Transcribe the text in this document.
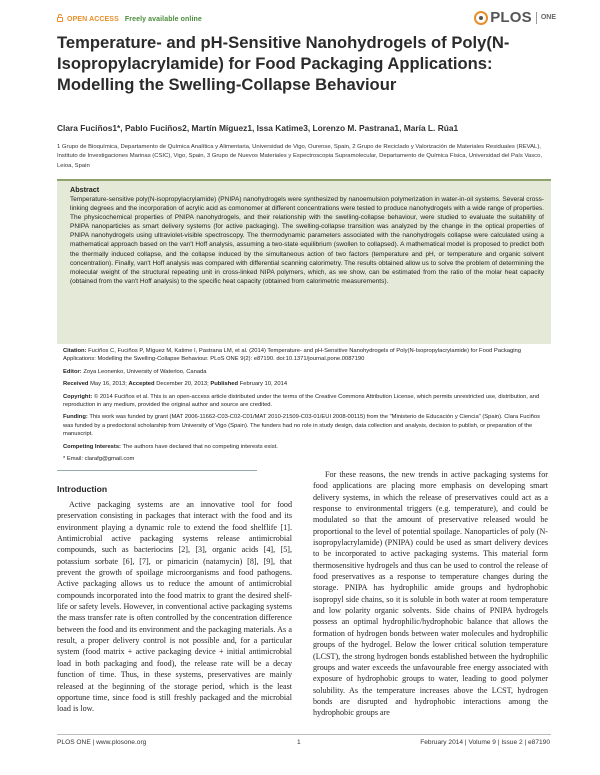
OPEN ACCESS Freely available online	PLOS ONE
Temperature- and pH-Sensitive Nanohydrogels of Poly(N-Isopropylacrylamide) for Food Packaging Applications: Modelling the Swelling-Collapse Behaviour
Clara Fuciños1*, Pablo Fuciños2, Martín Míguez1, Issa Katime3, Lorenzo M. Pastrana1, María L. Rúa1
1 Grupo de Bioquímica, Departamento de Química Analítica y Alimentaria, Universidad de Vigo, Ourense, Spain, 2 Grupo de Reciclado y Valorización de Materiales Residuales (REVAL), Instituto de Investigaciones Marinas (CSIC), Vigo, Spain, 3 Grupo de Nuevos Materiales y Espectroscopia Supramolecular, Departamento de Química Física, Universidad del País Vasco, Leioa, Spain
Abstract

Temperature-sensitive poly(N-isopropylacrylamide) (PNIPA) nanohydrogels were synthesized by nanoemulsion polymerization in water-in-oil systems. Several cross-linking degrees and the incorporation of acrylic acid as comonomer at different concentrations were tested to produce nanohydrogels with a wide range of properties. The physicochemical properties of PNIPA nanohydrogels, and their relationship with the swelling-collapse behaviour, were studied to evaluate the suitability of PNIPA nanoparticles as smart delivery systems (for active packaging). The swelling-collapse transition was analyzed by the change in the optical properties of PNIPA nanohydrogels using ultraviolet-visible spectroscopy. The thermodynamic parameters associated with the nanohydrogels collapse were calculated using a mathematical approach based on the van't Hoff analysis, assuming a two-state equilibrium (swollen to collapsed). A mathematical model is proposed to predict both the thermally induced collapse, and the collapse induced by the simultaneous action of two factors (temperature and pH, or temperature and organic solvent concentration). Finally, van't Hoff analysis was compared with differential scanning calorimetry. The results obtained allow us to solve the problem of determining the molecular weight of the structural repeating unit in cross-linked NIPA polymers, which, as we show, can be estimated from the ratio of the molar heat capacity (obtained from the van't Hoff analysis) to the specific heat capacity (obtained from calorimetric measurements).

Citation: Fuciños C, Fuciños P, Míguez M, Katime I, Pastrana LM, et al. (2014) Temperature- and pH-Sensitive Nanohydrogels of Poly(N-Isopropylacrylamide) for Food Packaging Applications: Modelling the Swelling-Collapse Behaviour. PLoS ONE 9(2): e87190. doi:10.1371/journal.pone.0087190

Editor: Zoya Leonenko, University of Waterloo, Canada

Received May 16, 2013; Accepted December 20, 2013; Published February 10, 2014

Copyright: © 2014 Fuciños et al. This is an open-access article distributed under the terms of the Creative Commons Attribution License, which permits unrestricted use, distribution, and reproduction in any medium, provided the original author and source are credited.

Funding: This work was funded by grant (MAT 2006-11662-C03-C02-C01/MAT 2010-21509-C03-01/EUI 2008-00115) from the "Ministerio de Educación y Ciencia" (Spain). Clara Fuciños was funded by a predoctoral scholarship from University of Vigo (Spain). The funders had no role in study design, data collection and analysis, decision to publish, or preparation of the manuscript.

Competing Interests: The authors have declared that no competing interests exist.

* Email: clarafg@gmail.com

Introduction

Active packaging systems are an innovative tool for food preservation consisting in packages that interact with the food and its environment playing a dynamic role to extend the food shelflife [1]. Antimicrobial active packaging systems release antimicrobial compounds, such as bacteriocins [2], [3], organic acids [4], [5], potassium sorbate [6], [7], or pimaricin (natamycin) [8], [9], that prevent the growth of spoilage microorganisms and food pathogens. Active packaging allows us to reduce the amount of antimicrobial compounds incorporated into the food matrix to grant the desired shelf-life or safety levels. However, in conventional active packaging systems the mass transfer rate is often controlled by the concentration difference between the food and its environment and the packaging materials. As a result, a proper delivery control is not possible and, for a particular system (food matrix + active packaging device + initial antimicrobial load in both packaging and food), the release rate will be a decay function of time. Thus, in these systems, preservatives are mainly released at the beginning of the storage period, which is the least opportune time, since food is still freshly packaged and the microbial load is low.

For these reasons, the new trends in active packaging systems for food applications are placing more emphasis on developing smart delivery systems, in which the release of preservatives could act as a response to environmental triggers (e.g. temperature), and could be modulated so that the amount of preservative released would be proportional to the level of potential spoilage. Nanoparticles of poly (N-isopropylacrylamide) (PNIPA) could be used as smart delivery devices to be incorporated to active packaging systems. This material form thermosensitive hydrogels and thus can be used to control the release of food preservatives as a response to temperature changes during the storage. PNIPA has hydrophilic amide groups and hydrophobic isopropyl side chains, so it is soluble in both water at room temperature and low polarity organic solvents. Side chains of PNIPA hydrogels possess an optimal hydrophilic/hydrophobic balance that allows the formation of hydrogen bonds between water molecules and hydrophilic groups of the hydrogel. Below the lower critical solution temperature (LCST), the strong hydrogen bonds established between the hydrophilic groups and water exceeds the unfavourable free energy associated with exposure of hydrophobic groups to water, leading to good polymer solubility. As the temperature increases above the LCST, hydrogen bonds are disrupted and hydrophobic interactions among the hydrophobic groups are

PLOS ONE | www.plosone.org	1	February 2014 | Volume 9 | Issue 2 | e87190
